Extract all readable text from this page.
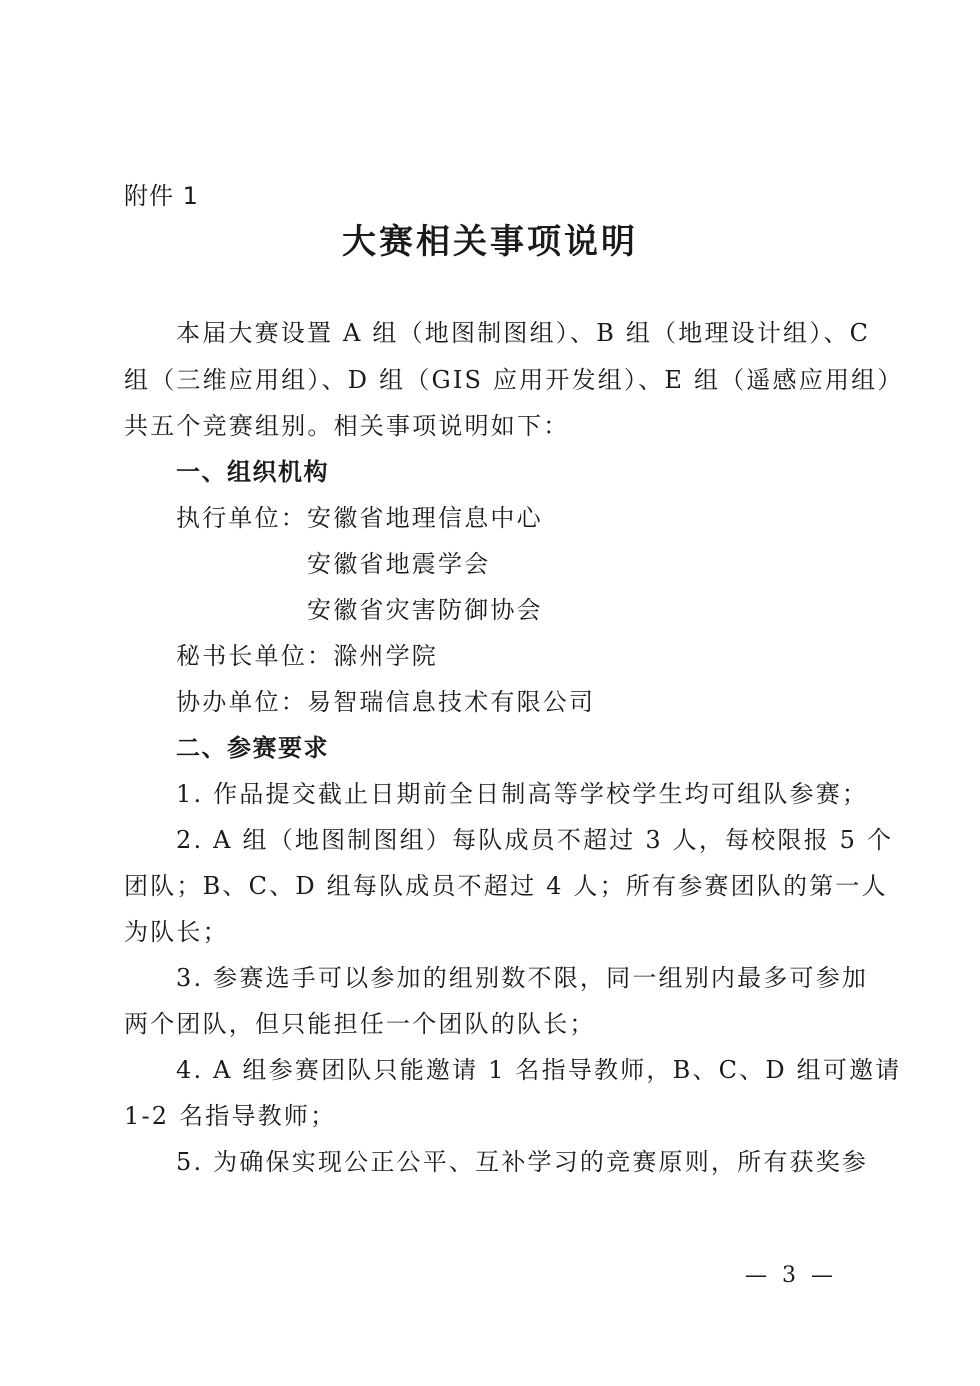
附件 1
大赛相关事项说明
本届大赛设置 A 组（地图制图组）、B 组（地理设计组）、C
组（三维应用组）、D 组（GIS 应用开发组）、E 组（遥感应用组）
共五个竞赛组别。相关事项说明如下：
一、组织机构
执行单位： 安徽省地理信息中心
安徽省地震学会
安徽省灾害防御协会
秘书长单位：滁州学院
协办单位：易智瑞信息技术有限公司
二、参赛要求
1. 作品提交截止日期前全日制高等学校学生均可组队参赛；
2. A 组（地图制图组）每队成员不超过 3 人，每校限报 5 个
团队；B、C、D 组每队成员不超过 4 人；所有参赛团队的第一人
为队长；
3. 参赛选手可以参加的组别数不限，同一组别内最多可参加
两个团队，但只能担任一个团队的队长；
4. A 组参赛团队只能邀请 1 名指导教师，B、C、D 组可邀请
1-2 名指导教师；
5. 为确保实现公正公平、互补学习的竞赛原则，所有获奖参
— 3 —
